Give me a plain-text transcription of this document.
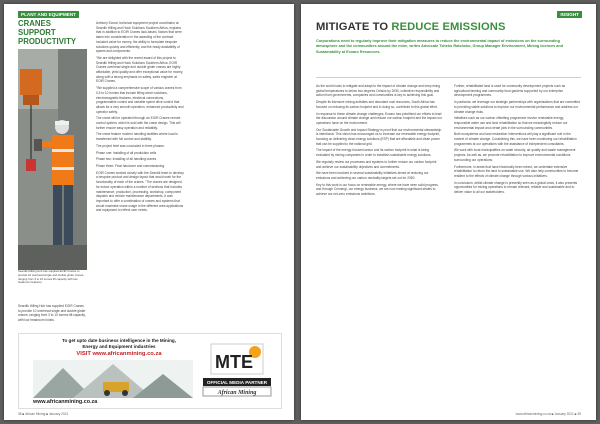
PLANT AND EQUIPMENT
CRANES SUPPORT PRODUCTIVITY
Seardik Hillilng Hob has supplied EOIR Cranes to provide 10 overhead single and double girder cranes, ranging from 3 to 10 tonnes lift capacity with low headroom features.

Seardik Hilling Hob has supplied EOIR Cranes to provide 10 overhead single and double girder cranes, ranging from 3 to 10 tonnes lift capacity, with low headroom hoists.

Anthony Ecoral, technical equipment project coordinator at Seardik Hilling and Hook Solutions Southern Africa, explains that in addition to EOIR Cranes lack-based, factors that were taken into consideration in the awarding of the contract included value for money, the ability to formulate bespoke solutions quickly and efficiently, and the ready availability of spares and components.

"We are delighted with the recent award of this project to Seardik Hilling and Hook Solutions Southern Africa. EOIR Cranes overhead single and double girder cranes are highly affordable, yield quality and offer exceptional value for money, along with a strong emphasis on safety, sales engineer at EOIR Cranes.

"We supplied a comprehensive scope of various cranes from 0.5 to 10 tonnes that include lifting winch solutions, electromagnetic features, electrical connections, programmable control and variable speed drive control that allows for a very smooth operation, enhanced productivity and operator safety.

The crane will be operated through an EOIR Cranes remote control system, which is sold with the crane design. This will further ensure easy operation and reliability.

The crane feature modern handling facilities where load is transferred with full control and stability.

The project brief was concluded in three phases:

Phase one: Installing of all production cells

Phase two: Installing of all handling cranes

Phase three: Final handover and commissioning

EOIR Cranes worked closely with the Seardik team to develop a bespoke product and design layout that would work for the functionality of each of the cranes. "The cranes are designed for indoor operation within a number of sections that includes maintenance, production, processing, workshop, component dispatch and vehicle maintenance departments. It was important to offer a combination of cranes and systems that would maximise crane usage in the different area applications and equipment to reflect user needs.

To get upto date business intelligence in the Mining, Energy and Equipment industries
VISIT www.africanmining.co.za
www.africanmining.co.za
MTE
OFFICIAL MEDIA PARTNER
African Mining
38 ■ African Mining ■ January 2021
INSIGHT
MITIGATE TO REDUCE EMISSIONS
Corporations need to regularly improve their mitigation measures to reduce the environmental impact of emissions on the surrounding atmosphere and the communities around the mine, writes Advocate Tsheko Ratsheko, Group Manager Environment, Mining licences and Sustainability at Exxaro Resources.

As the world looks to mitigate and adapt to the impact of climate change and keep rising global temperatures to below two degrees Celsius by 2050, collective responsibility and action from governments, companies and communities is key to achieving this goal.

Despite its intensive mining activities and abundant coal resources, South Africa has focused on reducing its carbon footprint and in doing so, contribute to this global effort.

In response to these climate change challenges, Exxaro has prioritised our efforts to lead the discussion around climate change and reduce our carbon footprint and the impact our operations have on the environment.

Our Sustainable Growth and Impact Strategy is proof that our environmental stewardship is intentional. This vision has encouraged us to increase our renewable energy footprint, focusing on delivering clean energy solutions (ESP) that are affordable and clean power that can be supplied to the national grid.

The impact of the energy-focused sector and its carbon footprint is what is being evaluated by mining companies in order to establish sustainable energy solutions.

We regularly review our processes and systems to further reduce our carbon footprint and achieve our sustainability objectives and commitments.

We have been involved in several sustainability initiatives aimed at reducing our emissions and achieving our carbon neutrality targets set out for 2050.

Key to this work is our focus on renewable energy, where we have seen solid progress, and through Cennergi, our energy business, we are now making significant strides to achieve our net-zero emissions ambitions.

Further, rehabilitated land is used for community development projects such as agricultural farming and community food gardens supported by our enterprise development programmes.

In particular, we leverage our strategic partnerships with organisations that are committed to providing viable solutions to improve our environmental performance and address our climate change risks.

Initiatives such as our carbon offsetting programme involve renewable energy, responsible water use and land rehabilitation so that we meaningfully reduce our environmental impact and create jobs in the surrounding communities.

Both ecosystems and land restoration interventions will play a significant role in the context of climate change. Considering this, we have been monitoring our rehabilitation programmes at our operations with the assistance of independent consultants.

We work with local municipalities on water security, air quality and waste management projects. As well as, we promote rehabilitation to improve environmental conditions surrounding our operations.

Furthermore, in areas that have historically been mined, we undertake extensive rehabilitation to return the land to sustainable use. We also help communities to become resilient to the effects of climate change through various initiatives.

In conclusion, whilst climate change is presently seen as a global crisis, it also presents opportunities for mining operations to remain relevant, reliable and sustainable and to deliver value to all our stakeholders.

www.africanmining.co.za ■ January 2021 ■ 39
